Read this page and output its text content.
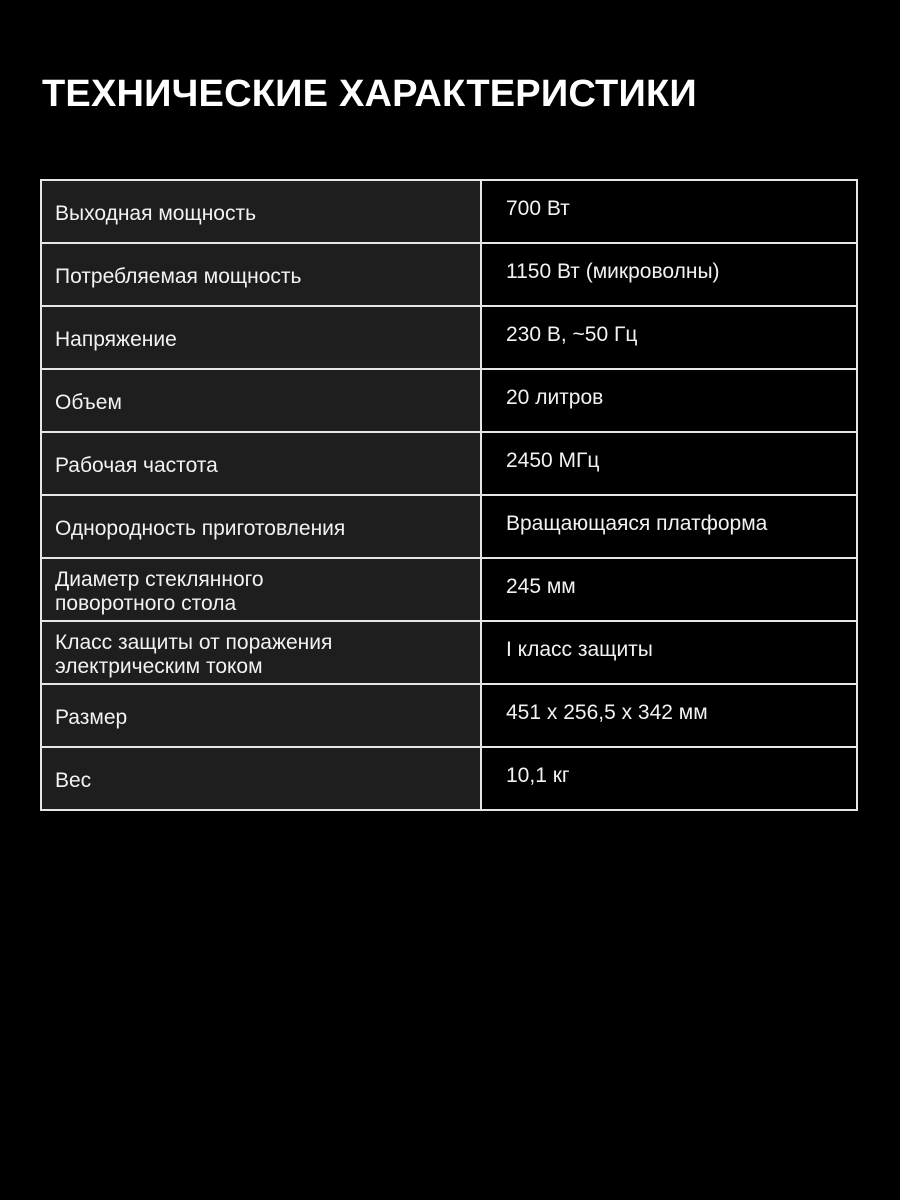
ТЕХНИЧЕСКИЕ ХАРАКТЕРИСТИКИ
Выходная мощность	700 Вт
Потребляемая мощность	1150 Вт (микроволны)
Напряжение	230 В, ~50 Гц
Объем	20 литров
Рабочая частота	2450 МГц
Однородность приготовления	Вращающаяся платформа
Диаметр стеклянного
поворотного стола	245 мм
Класс защиты от поражения
электрическим током	I класс защиты
Размер	451 x 256,5 x 342 мм
Вес	10,1 кг
